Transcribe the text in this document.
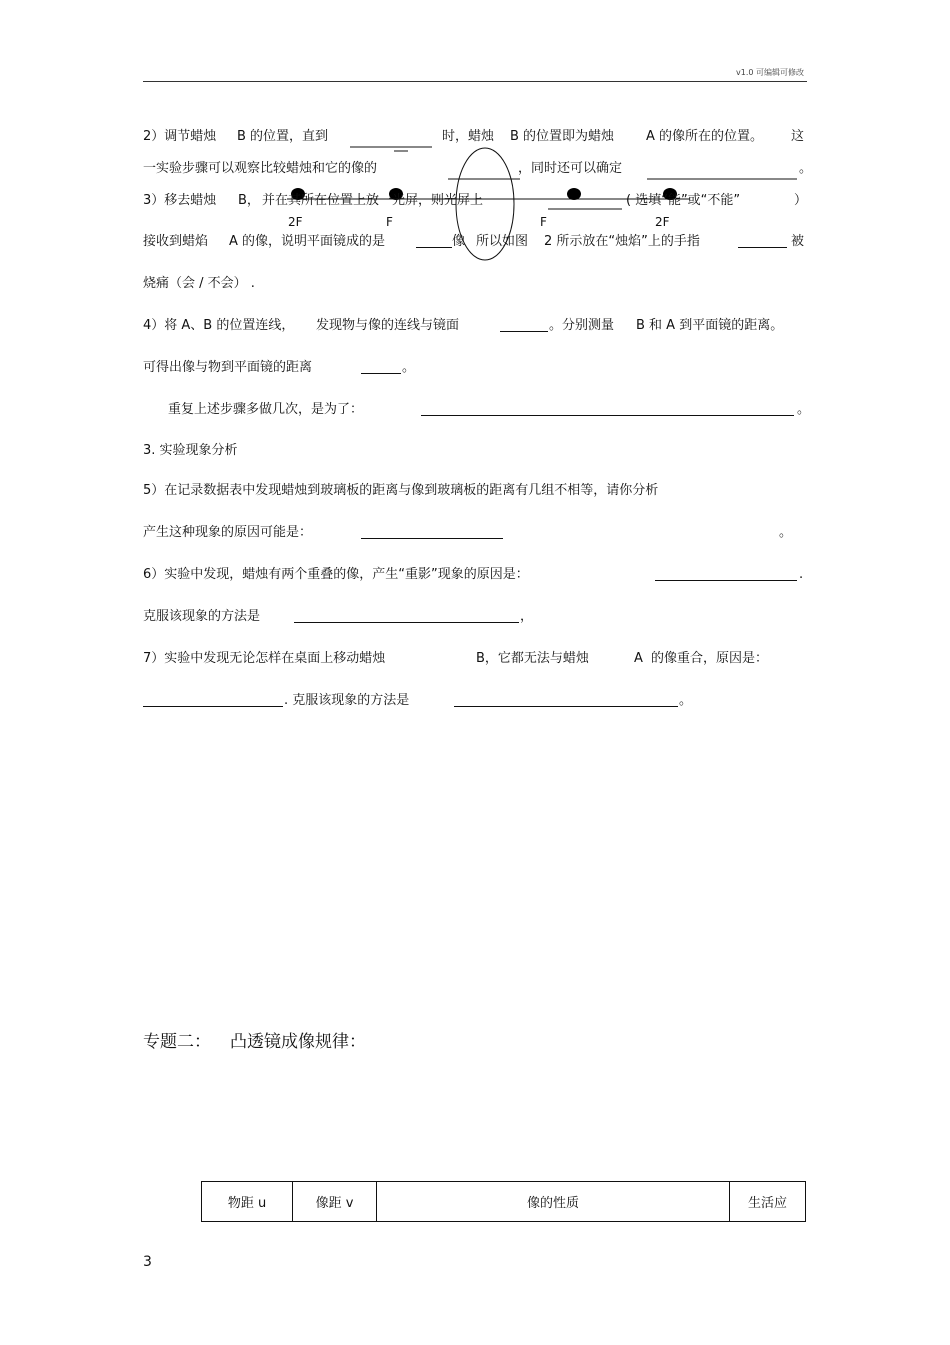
v1.0 可编辑可修改
2F	F	F	2F
2）调节蜡烛 B 的位置，直到	时，蜡烛 B 的位置即为蜡烛 A 的像所在的位置。 这
一实验步骤可以观察比较蜡烛和它的像的	，同时还可以确定	。
3）移去蜡烛 B， 并在其所在位置上放一光屏，则光屏上	( 选填“能”或“不能”	）
接收到蜡焰 A 的像，说明平面镜成的是	像 所以如图 2 所示放在“烛焰”上的手指	被
烧痛（会 / 不会） .
4）将 A、B 的位置连线， 发现物与像的连线与镜面	。分别测量 B 和 A 到平面镜的距离。
可得出像与物到平面镜的距离	。
重复上述步骤多做几次，是为了：	。
3. 实验现象分析
5）在记录数据表中发现蜡烛到玻璃板的距离与像到玻璃板的距离有几组不相等，请你分析
产生这种现象的原因可能是：	。
6）实验中发现，蜡烛有两个重叠的像，产生“重影”现象的原因是：	.
克服该现象的方法是	，
7）实验中发现无论怎样在桌面上移动蜡烛	B，它都无法与蜡烛	A 的像重合，原因是：
. 克服该现象的方法是	。
专题二： 凸透镜成像规律：
物距 u	像距 v	像的性质	生活应
3
